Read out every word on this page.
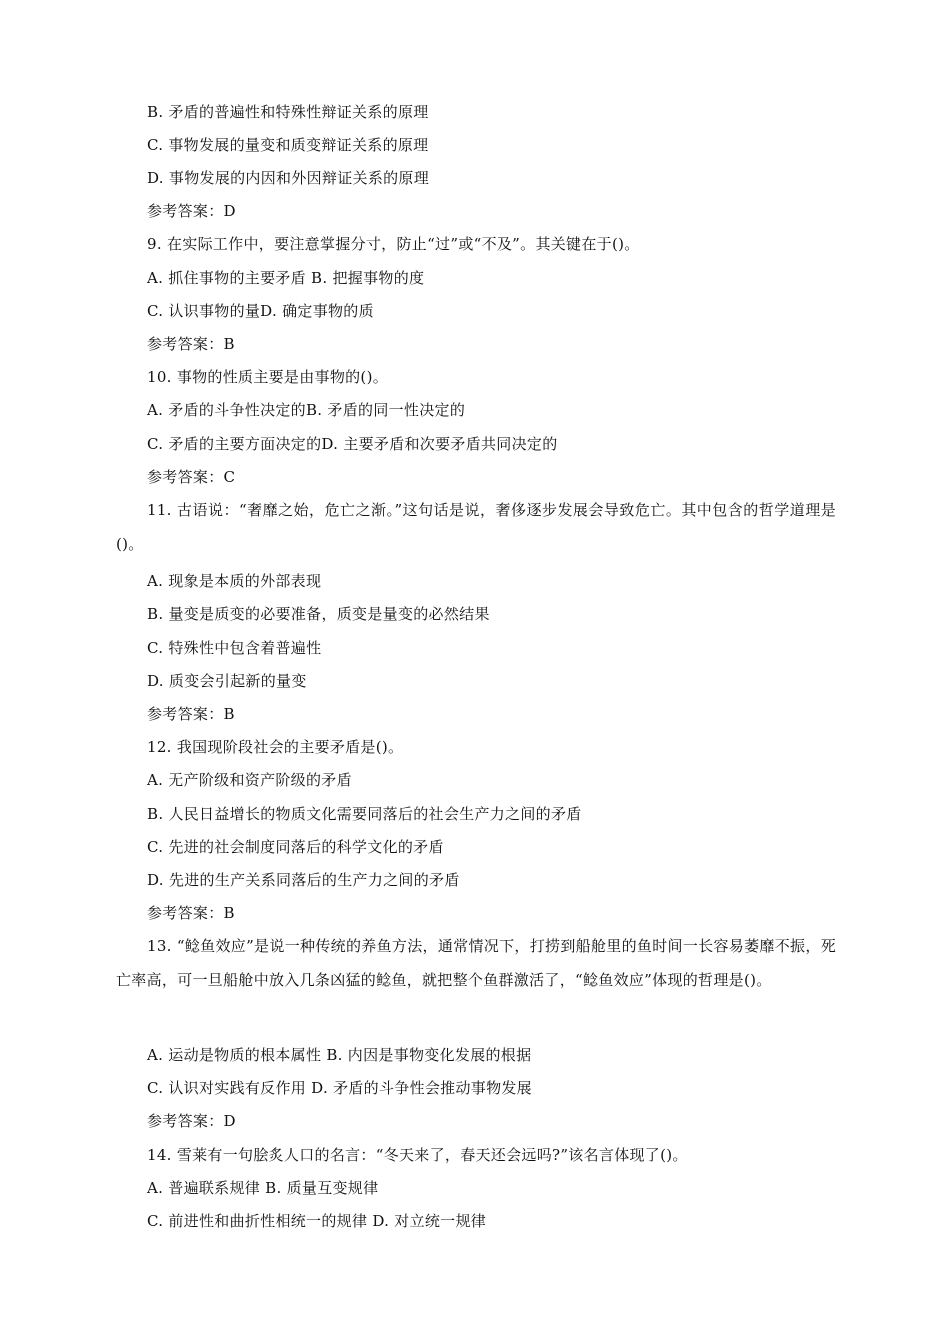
B. 矛盾的普遍性和特殊性辩证关系的原理
C. 事物发展的量变和质变辩证关系的原理
D. 事物发展的内因和外因辩证关系的原理
参考答案：D
9. 在实际工作中，要注意掌握分寸，防止“过”或“不及”。其关键在于()。
A. 抓住事物的主要矛盾 B. 把握事物的度
C. 认识事物的量D. 确定事物的质
参考答案：B
10. 事物的性质主要是由事物的()。
A. 矛盾的斗争性决定的B. 矛盾的同一性决定的
C. 矛盾的主要方面决定的D. 主要矛盾和次要矛盾共同决定的
参考答案：C
11. 古语说：“奢靡之始，危亡之渐。”这句话是说，奢侈逐步发展会导致危亡。其中包含的哲学道理是()。
A. 现象是本质的外部表现
B. 量变是质变的必要准备，质变是量变的必然结果
C. 特殊性中包含着普遍性
D. 质变会引起新的量变
参考答案：B
12. 我国现阶段社会的主要矛盾是()。
A. 无产阶级和资产阶级的矛盾
B. 人民日益增长的物质文化需要同落后的社会生产力之间的矛盾
C. 先进的社会制度同落后的科学文化的矛盾
D. 先进的生产关系同落后的生产力之间的矛盾
参考答案：B
13. “鲶鱼效应”是说一种传统的养鱼方法，通常情况下，打捞到船舱里的鱼时间一长容易萎靡不振，死亡率高，可一旦船舱中放入几条凶猛的鲶鱼，就把整个鱼群激活了，“鲶鱼效应”体现的哲理是()。
A. 运动是物质的根本属性 B. 内因是事物变化发展的根据
C. 认识对实践有反作用 D. 矛盾的斗争性会推动事物发展
参考答案：D
14. 雪莱有一句脍炙人口的名言：“冬天来了，春天还会远吗?”该名言体现了()。
A. 普遍联系规律 B. 质量互变规律
C. 前进性和曲折性相统一的规律 D. 对立统一规律
